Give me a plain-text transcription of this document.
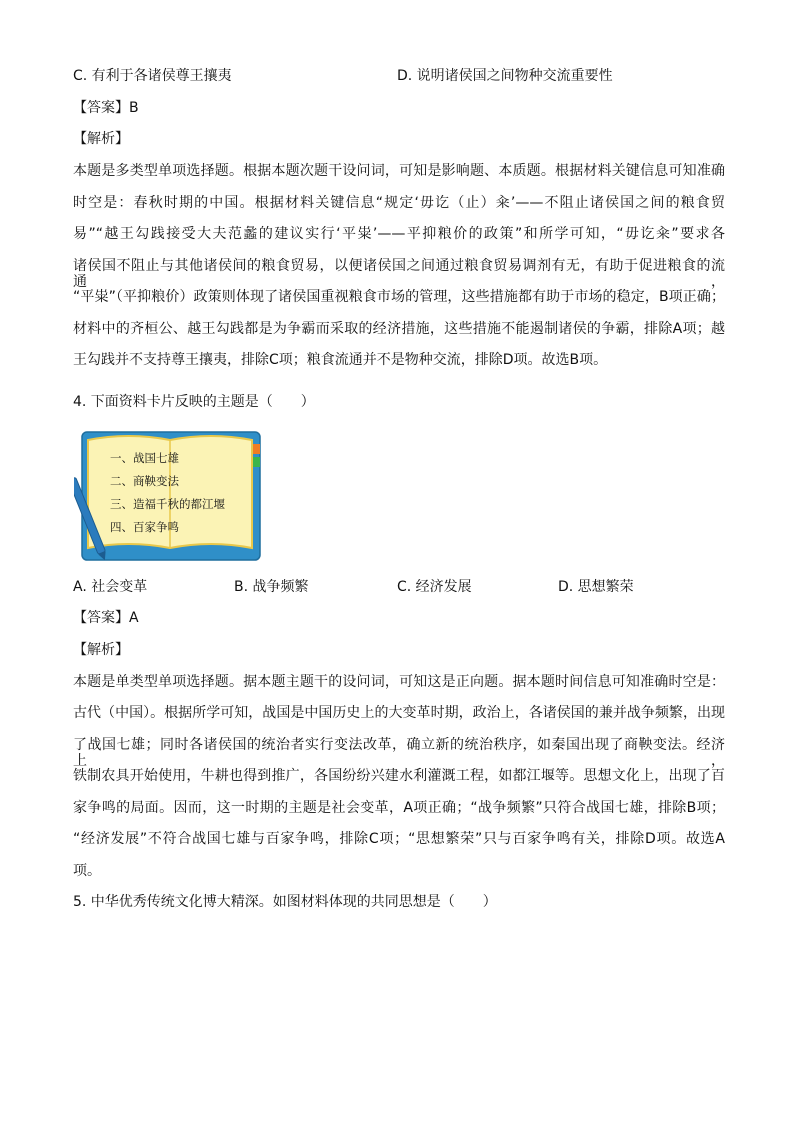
C. 有利于各诸侯尊王攘夷	D. 说明诸侯国之间物种交流重要性
【答案】B
【解析】
本题是多类型单项选择题。根据本题次题干设问词，可知是影响题、本质题。根据材料关键信息可知准确
时空是：春秋时期的中国。根据材料关键信息“规定‘毋讫（止）籴’——不阻止诸侯国之间的粮食贸
易”“越王勾践接受大夫范蠡的建议实行‘平粜’——平抑粮价的政策”和所学可知，“毋讫籴”要求各
诸侯国不阻止与其他诸侯间的粮食贸易，以便诸侯国之间通过粮食贸易调剂有无，有助于促进粮食的流通，
“平粜”（平抑粮价）政策则体现了诸侯国重视粮食市场的管理，这些措施都有助于市场的稳定，B项正确；
材料中的齐桓公、越王勾践都是为争霸而采取的经济措施，这些措施不能遏制诸侯的争霸，排除A项；越
王勾践并不支持尊王攘夷，排除C项；粮食流通并不是物种交流，排除D项。故选B项。
4. 下面资料卡片反映的主题是（　　）
一、战国七雄
二、商鞅变法
三、造福千秋的都江堰
四、百家争鸣
A. 社会变革	B. 战争频繁	C. 经济发展	D. 思想繁荣
【答案】A
【解析】
本题是单类型单项选择题。据本题主题干的设问词，可知这是正向题。据本题时间信息可知准确时空是：
古代（中国）。根据所学可知，战国是中国历史上的大变革时期，政治上，各诸侯国的兼并战争频繁，出现
了战国七雄；同时各诸侯国的统治者实行变法改革，确立新的统治秩序，如秦国出现了商鞅变法。经济上，
铁制农具开始使用，牛耕也得到推广，各国纷纷兴建水利灌溉工程，如都江堰等。思想文化上，出现了百
家争鸣的局面。因而，这一时期的主题是社会变革，A项正确；“战争频繁”只符合战国七雄，排除B项；
“经济发展”不符合战国七雄与百家争鸣，排除C项；“思想繁荣”只与百家争鸣有关，排除D项。故选A
项。
5. 中华优秀传统文化博大精深。如图材料体现的共同思想是（　　）
